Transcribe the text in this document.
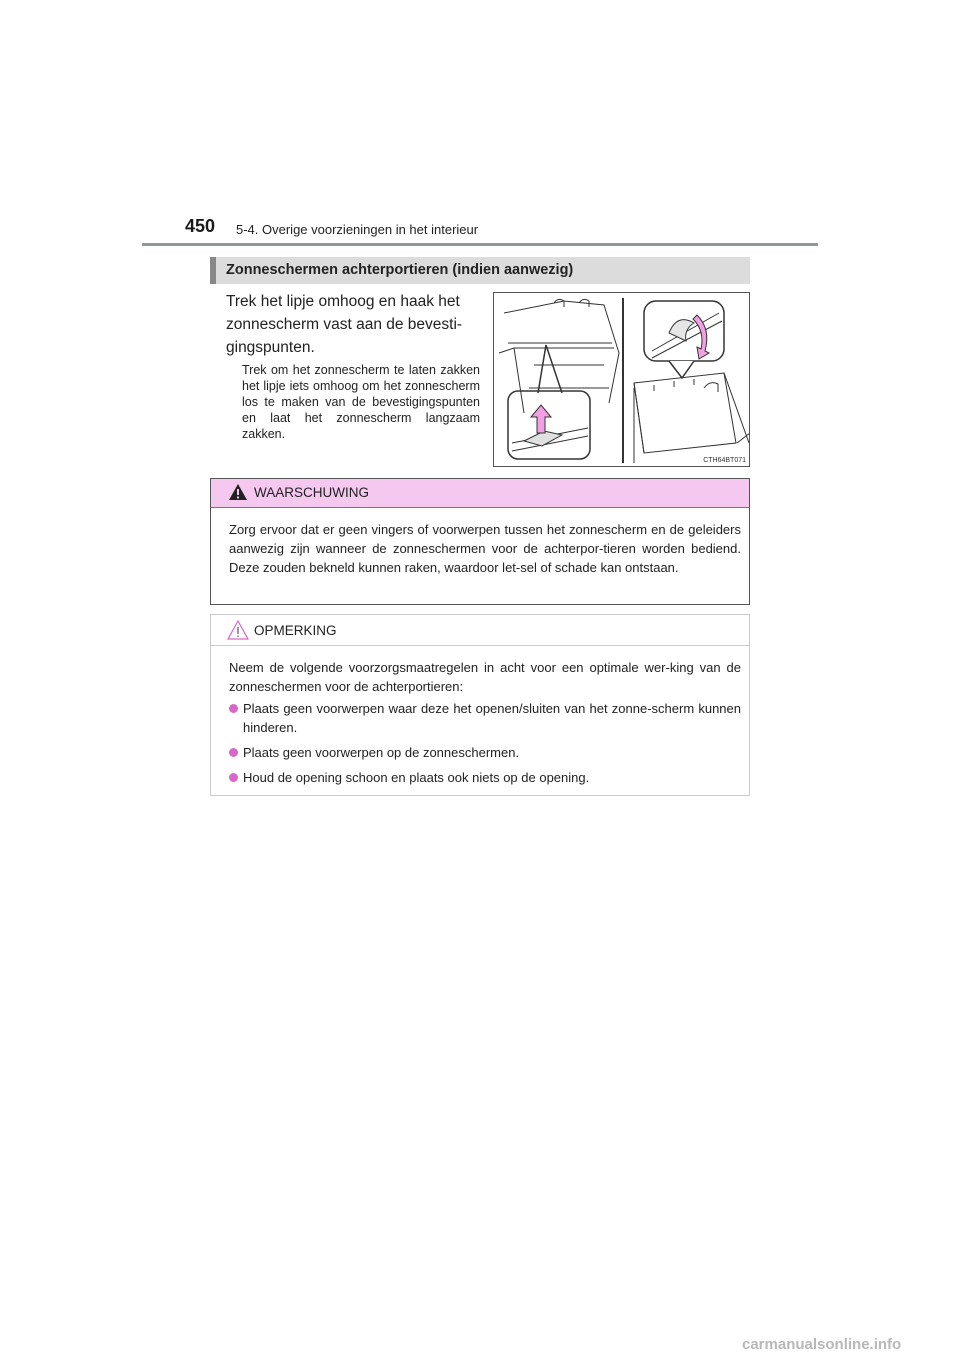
450 5-4. Overige voorzieningen in het interieur
Zonneschermen achterportieren (indien aanwezig)
Trek het lipje omhoog en haak het zonnescherm vast aan de bevesti-gingspunten.
Trek om het zonnescherm te laten zakken het lipje iets omhoog om het zonnescherm los te maken van de bevestigingspunten en laat het zonnescherm langzaam zakken.
CTH64BT071
WAARSCHUWING
Zorg ervoor dat er geen vingers of voorwerpen tussen het zonnescherm en de geleiders aanwezig zijn wanneer de zonneschermen voor de achterpor-tieren worden bediend. Deze zouden bekneld kunnen raken, waardoor let-sel of schade kan ontstaan.
OPMERKING
Neem de volgende voorzorgsmaatregelen in acht voor een optimale wer-king van de zonneschermen voor de achterportieren:
Plaats geen voorwerpen waar deze het openen/sluiten van het zonne-scherm kunnen hinderen.
Plaats geen voorwerpen op de zonneschermen.
Houd de opening schoon en plaats ook niets op de opening.
carmanualsonline.info
